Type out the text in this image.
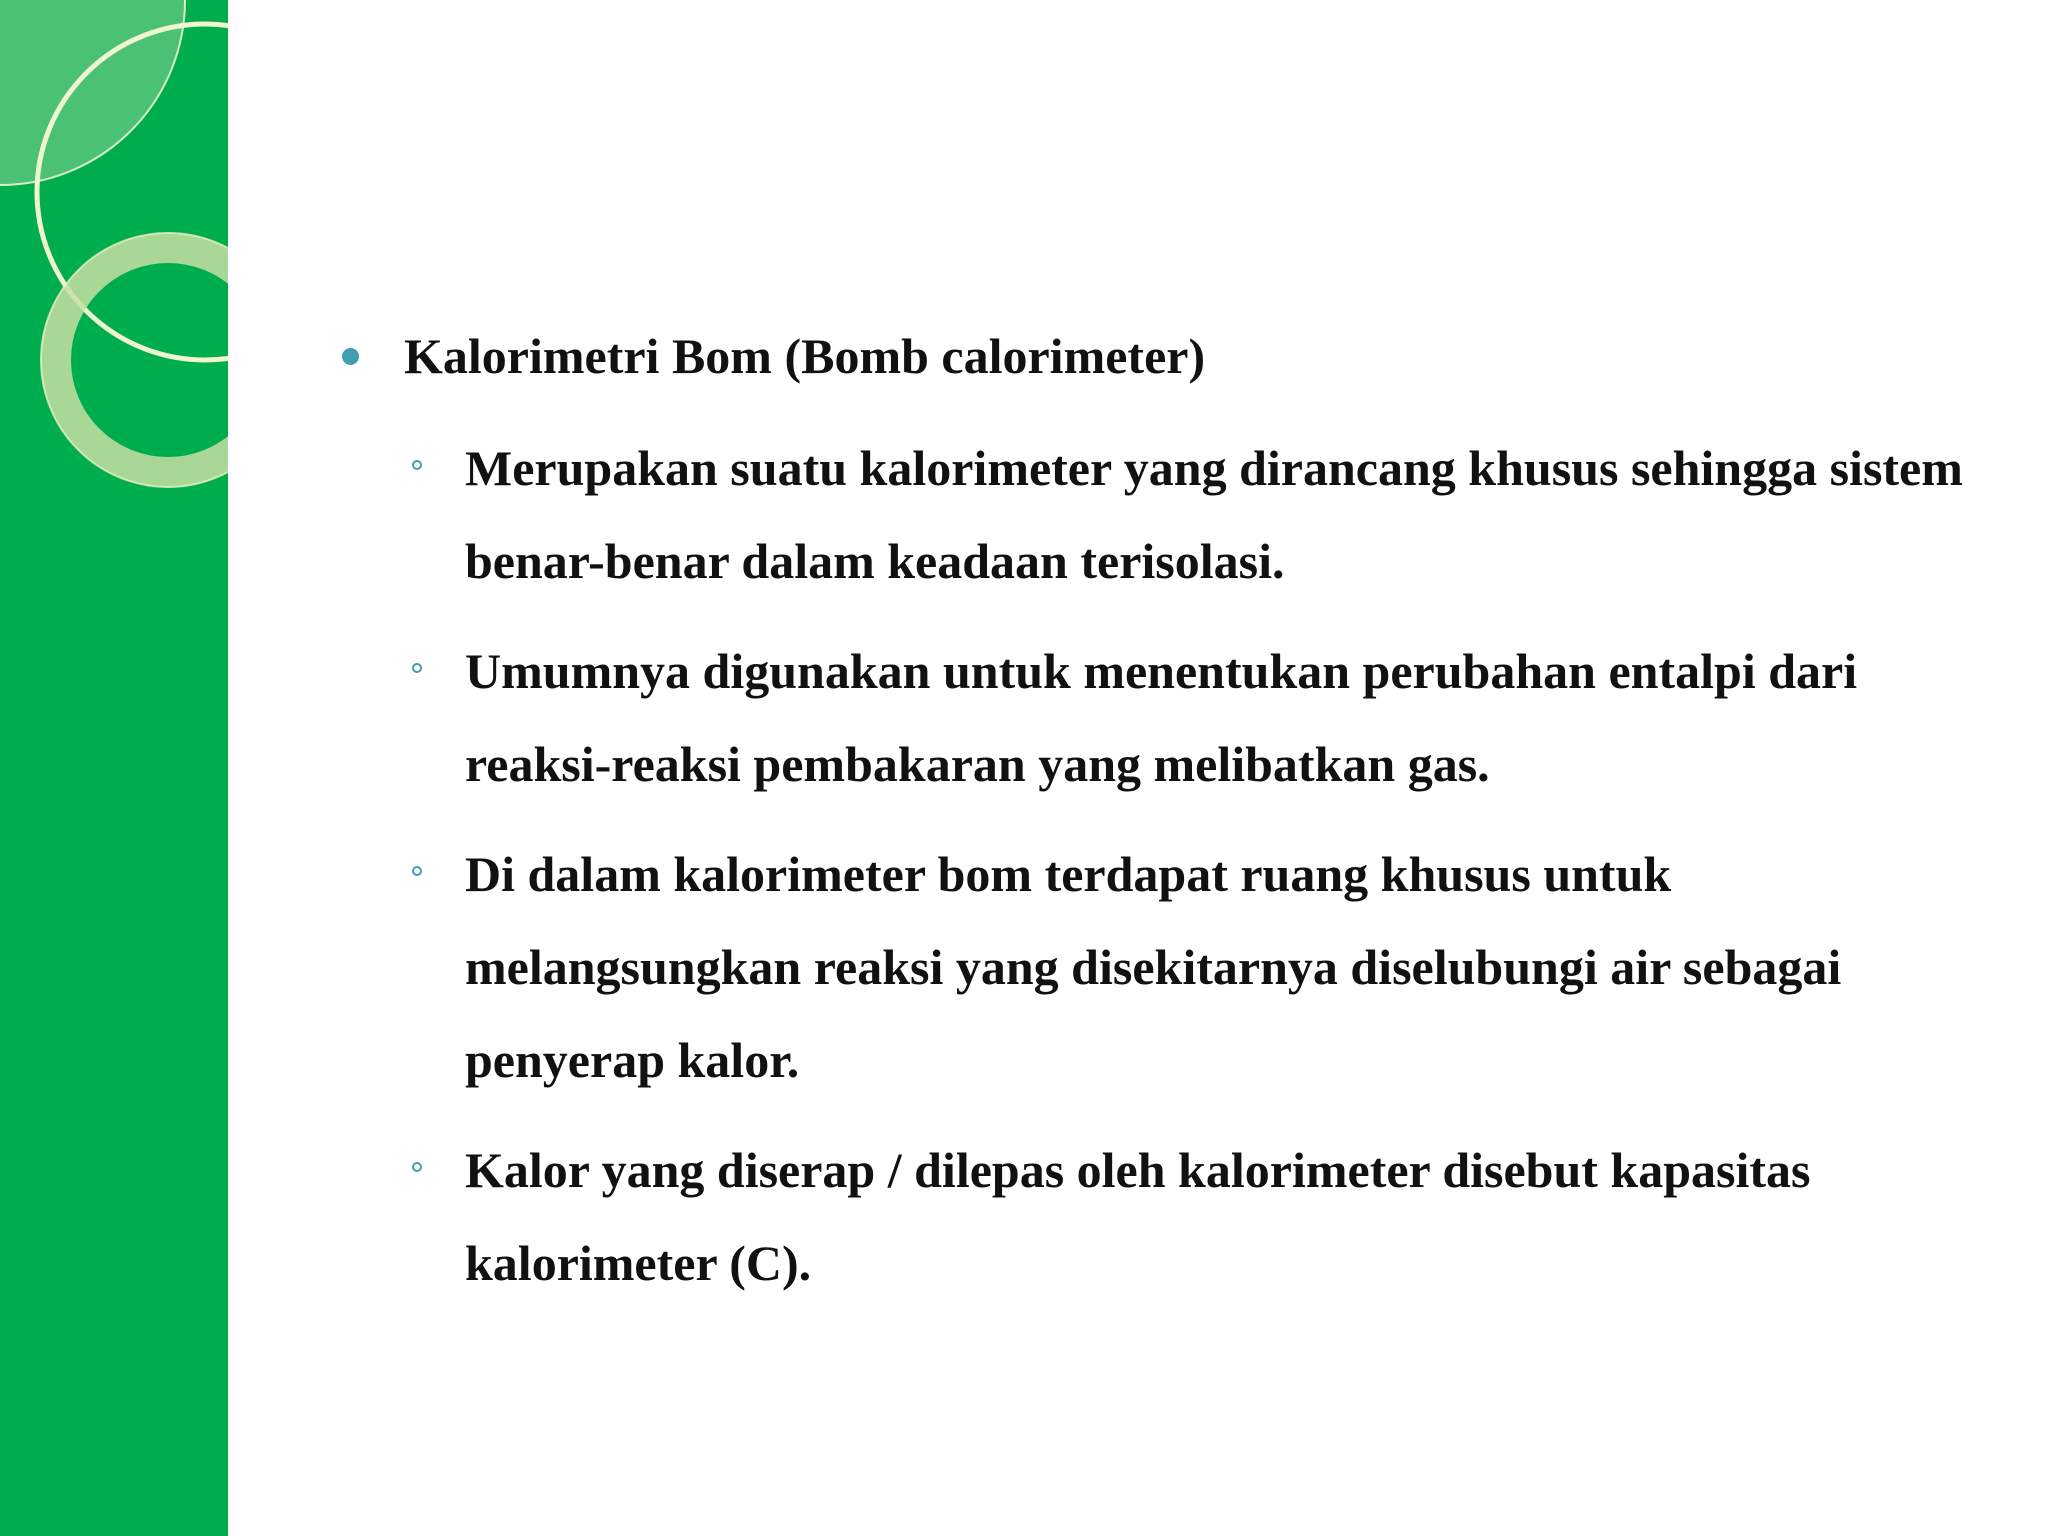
Kalorimetri Bom (Bomb calorimeter)
Merupakan suatu kalorimeter yang dirancang khusus sehingga sistem benar-benar dalam keadaan terisolasi.
Umumnya digunakan untuk menentukan perubahan entalpi dari reaksi-reaksi pembakaran yang melibatkan gas.
Di dalam kalorimeter bom terdapat ruang khusus untuk melangsungkan reaksi yang disekitarnya diselubungi air sebagai penyerap kalor.
Kalor yang diserap / dilepas oleh kalorimeter disebut kapasitas kalorimeter (C).
